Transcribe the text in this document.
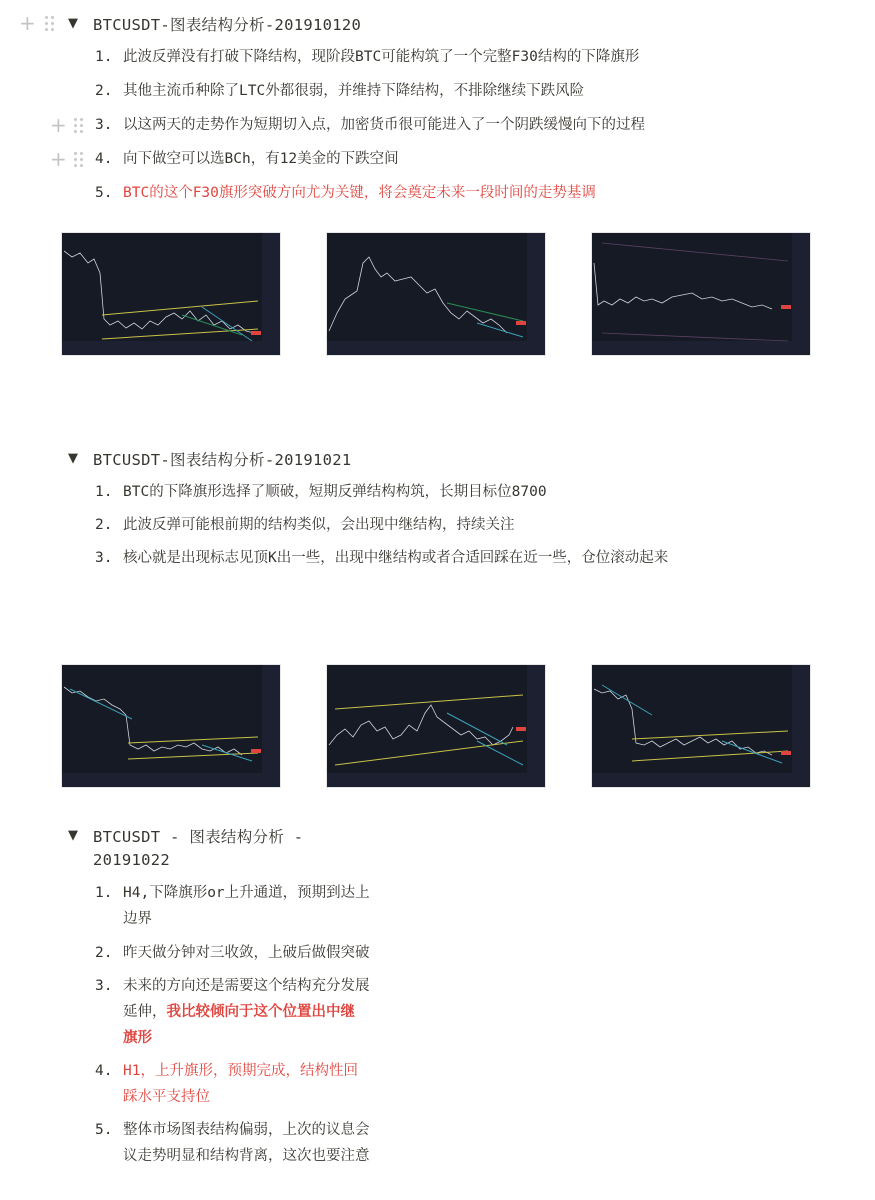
+ ▼ BTCUSDT-图表结构分析-201910120
1. 此波反弹没有打破下降结构，现阶段BTC可能构筑了一个完整F30结构的下降旗形
2. 其他主流币种除了LTC外都很弱，并维持下降结构，不排除继续下跌风险
+ 3. 以这两天的走势作为短期切入点，加密货币很可能进入了一个阴跌缓慢向下的过程
+ 4. 向下做空可以选BCh，有12美金的下跌空间
5. BTC的这个F30旗形突破方向尤为关键，将会奠定未来一段时间的走势基调
▼ BTCUSDT-图表结构分析-20191021
1. BTC的下降旗形选择了顺破，短期反弹结构构筑，长期目标位8700
2. 此波反弹可能根前期的结构类似，会出现中继结构，持续关注
3. 核心就是出现标志见顶K出一些，出现中继结构或者合适回踩在近一些，仓位滚动起来
▼ BTCUSDT - 图表结构分析 -
20191022
1. H4,下降旗形or上升通道，预期到达上
边界
2. 昨天做分钟对三收敛，上破后做假突破
3. 未来的方向还是需要这个结构充分发展
延伸，我比较倾向于这个位置出中继
旗形
4. H1，上升旗形，预期完成，结构性回
踩水平支持位
5. 整体市场图表结构偏弱，上次的议息会
议走势明显和结构背离，这次也要注意
